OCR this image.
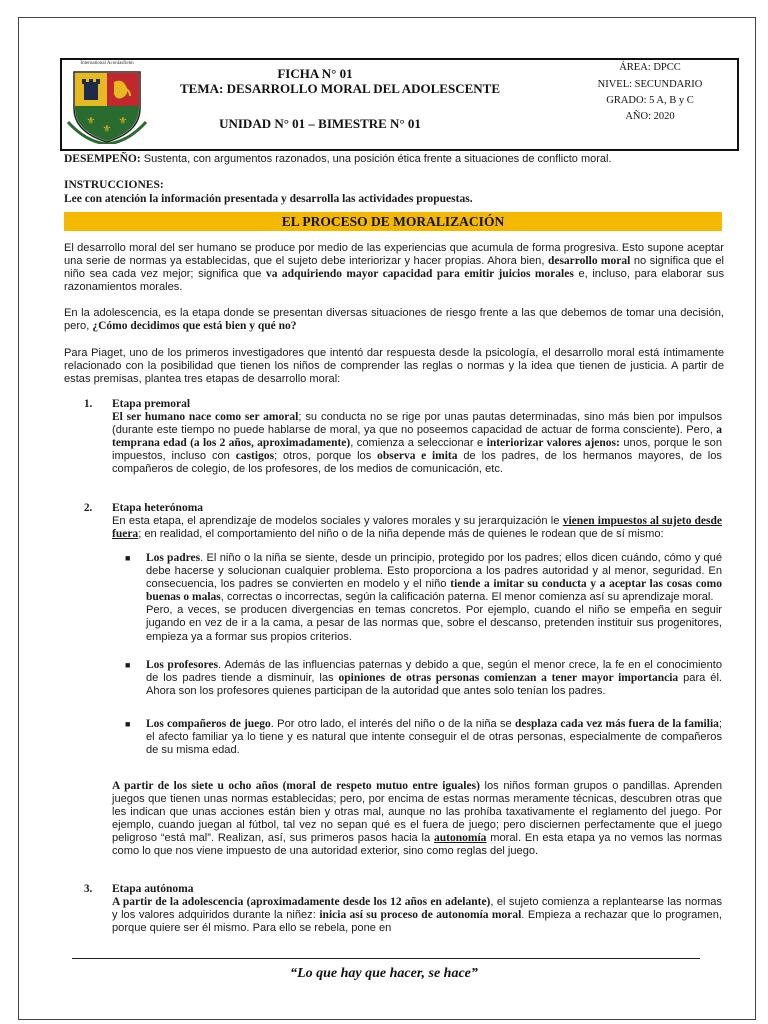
International Aconlasfiehn
⚜
⚜
⚜
FICHA N° 01
TEMA: DESARROLLO MORAL DEL ADOLESCENTE
UNIDAD N° 01 – BIMESTRE N° 01
ÁREA: DPCC
NIVEL: SECUNDARIO
GRADO: 5 A, B y C
AÑO: 2020
DESEMPEÑO: Sustenta, con argumentos razonados, una posición ética frente a situaciones de conflicto moral.
INSTRUCCIONES:
Lee con atención la información presentada y desarrolla las actividades propuestas.
EL PROCESO DE MORALIZACIÓN
El desarrollo moral del ser humano se produce por medio de las experiencias que acumula de forma progresiva. Esto supone aceptar una serie de normas ya establecidas, que el sujeto debe interiorizar y hacer propias. Ahora bien, desarrollo moral no significa que el niño sea cada vez mejor; significa que va adquiriendo mayor capacidad para emitir juicios morales e, incluso, para elaborar sus razonamientos morales.
En la adolescencia, es la etapa donde se presentan diversas situaciones de riesgo frente a las que debemos de tomar una decisión, pero, ¿Cómo decidimos que está bien y qué no?
Para Piaget, uno de los primeros investigadores que intentó dar respuesta desde la psicología, el desarrollo moral está íntimamente relacionado con la posibilidad que tienen los niños de comprender las reglas o normas y la idea que tienen de justicia. A partir de estas premisas, plantea tres etapas de desarrollo moral:
1. Etapa premoral
El ser humano nace como ser amoral; su conducta no se rige por unas pautas determinadas, sino más bien por impulsos (durante este tiempo no puede hablarse de moral, ya que no poseemos capacidad de actuar de forma consciente). Pero, a temprana edad (a los 2 años, aproximadamente), comienza a seleccionar e interiorizar valores ajenos: unos, porque le son impuestos, incluso con castigos; otros, porque los observa e imita de los padres, de los hermanos mayores, de los compañeros de colegio, de los profesores, de los medios de comunicación, etc.
2. Etapa heterónoma
En esta etapa, el aprendizaje de modelos sociales y valores morales y su jerarquización le vienen impuestos al sujeto desde fuera; en realidad, el comportamiento del niño o de la niña depende más de quienes le rodean que de sí mismo:
■ Los padres. El niño o la niña se siente, desde un principio, protegido por los padres; ellos dicen cuándo, cómo y qué debe hacerse y solucionan cualquier problema. Esto proporciona a los padres autoridad y al menor, seguridad. En consecuencia, los padres se convierten en modelo y el niño tiende a imitar su conducta y a aceptar las cosas como buenas o malas, correctas o incorrectas, según la calificación paterna. El menor comienza así su aprendizaje moral.
Pero, a veces, se producen divergencias en temas concretos. Por ejemplo, cuando el niño se empeña en seguir jugando en vez de ir a la cama, a pesar de las normas que, sobre el descanso, pretenden instituir sus progenitores, empieza ya a formar sus propios criterios.
■ Los profesores. Además de las influencias paternas y debido a que, según el menor crece, la fe en el conocimiento de los padres tiende a disminuir, las opiniones de otras personas comienzan a tener mayor importancia para él. Ahora son los profesores quienes participan de la autoridad que antes solo tenían los padres.
■ Los compañeros de juego. Por otro lado, el interés del niño o de la niña se desplaza cada vez más fuera de la familia; el afecto familiar ya lo tiene y es natural que intente conseguir el de otras personas, especialmente de compañeros de su misma edad.
A partir de los siete u ocho años (moral de respeto mutuo entre iguales) los niños forman grupos o pandillas. Aprenden juegos que tienen unas normas establecidas; pero, por encima de estas normas meramente técnicas, descubren otras que les indican que unas acciones están bien y otras mal, aunque no las prohíba taxativamente el reglamento del juego. Por ejemplo, cuando juegan al fútbol, tal vez no sepan qué es el fuera de juego; pero disciernen perfectamente que el juego peligroso “está mal”. Realizan, así, sus primeros pasos hacia la autonomía moral. En esta etapa ya no vemos las normas como lo que nos viene impuesto de una autoridad exterior, sino como reglas del juego.
3. Etapa autónoma
A partir de la adolescencia (aproximadamente desde los 12 años en adelante), el sujeto comienza a replantearse las normas y los valores adquiridos durante la niñez: inicia así su proceso de autonomía moral. Empieza a rechazar que lo programen, porque quiere ser él mismo. Para ello se rebela, pone en
“Lo que hay que hacer, se hace”
